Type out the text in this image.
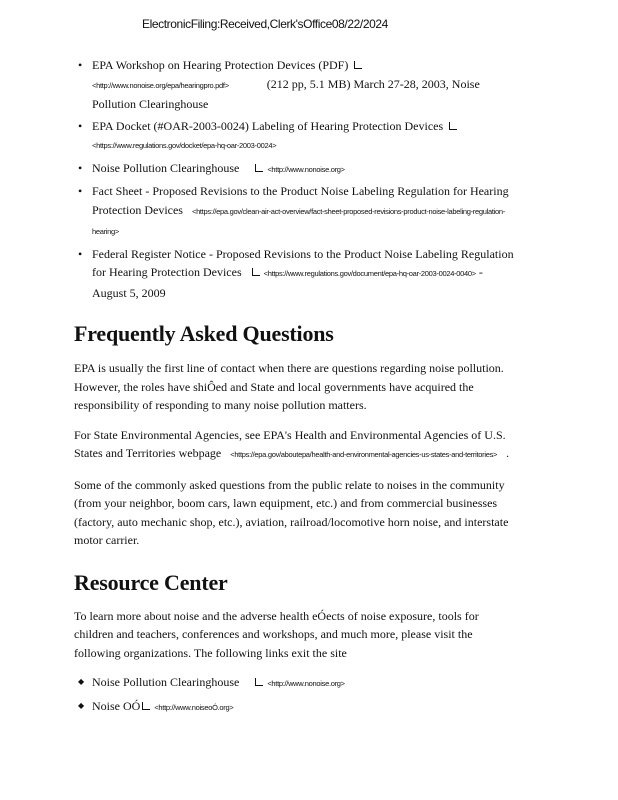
ElectronicFiling:Received,Clerk'sOffice08/22/2024
• EPA Workshop on Hearing Protection Devices (PDF)
<http://www.nonoise.org/epa/hearingpro.pdf>	(212 pp, 5.1 MB) March 27-28, 2003, Noise Pollution Clearinghouse
• EPA Docket (#OAR-2003-0024) Labeling of Hearing Protection Devices
<https://www.regulations.gov/docket/epa-hq-oar-2003-0024>
• Noise Pollution Clearinghouse	<http://www.nonoise.org>
• Fact Sheet - Proposed Revisions to the Product Noise Labeling Regulation for Hearing Protection Devices <https://epa.gov/clean-air-act-overview/fact-sheet-proposed-revisions-product-noise-labeling-regulation-hearing>
• Federal Register Notice - Proposed Revisions to the Product Noise Labeling Regulation for Hearing Protection Devices	<https://www.regulations.gov/document/epa-hq-oar-2003-0024-0040> - August 5, 2009
Frequently Asked Questions

EPA is usually the first line of contact when there are questions regarding noise pollution. However, the roles have shiÔed and State and local governments have acquired the responsibility of responding to many noise pollution matters.

For State Environmental Agencies, see EPA's Health and Environmental Agencies of U.S. States and Territories webpage <https://epa.gov/aboutepa/health-and-environmental-agencies-us-states-and-territories> .

Some of the commonly asked questions from the public relate to noises in the community (from your neighbor, boom cars, lawn equipment, etc.) and from commercial businesses (factory, auto mechanic shop, etc.), aviation, railroad/locomotive horn noise, and interstate motor carrier.

Resource Center

To learn more about noise and the adverse health eÓects of noise exposure, tools for children and teachers, conferences and workshops, and much more, please visit the following organizations. The following links exit the site

◆ Noise Pollution Clearinghouse	<http://www.nonoise.org>
◆ Noise OÓ <http://www.noiseoÓ.org>
